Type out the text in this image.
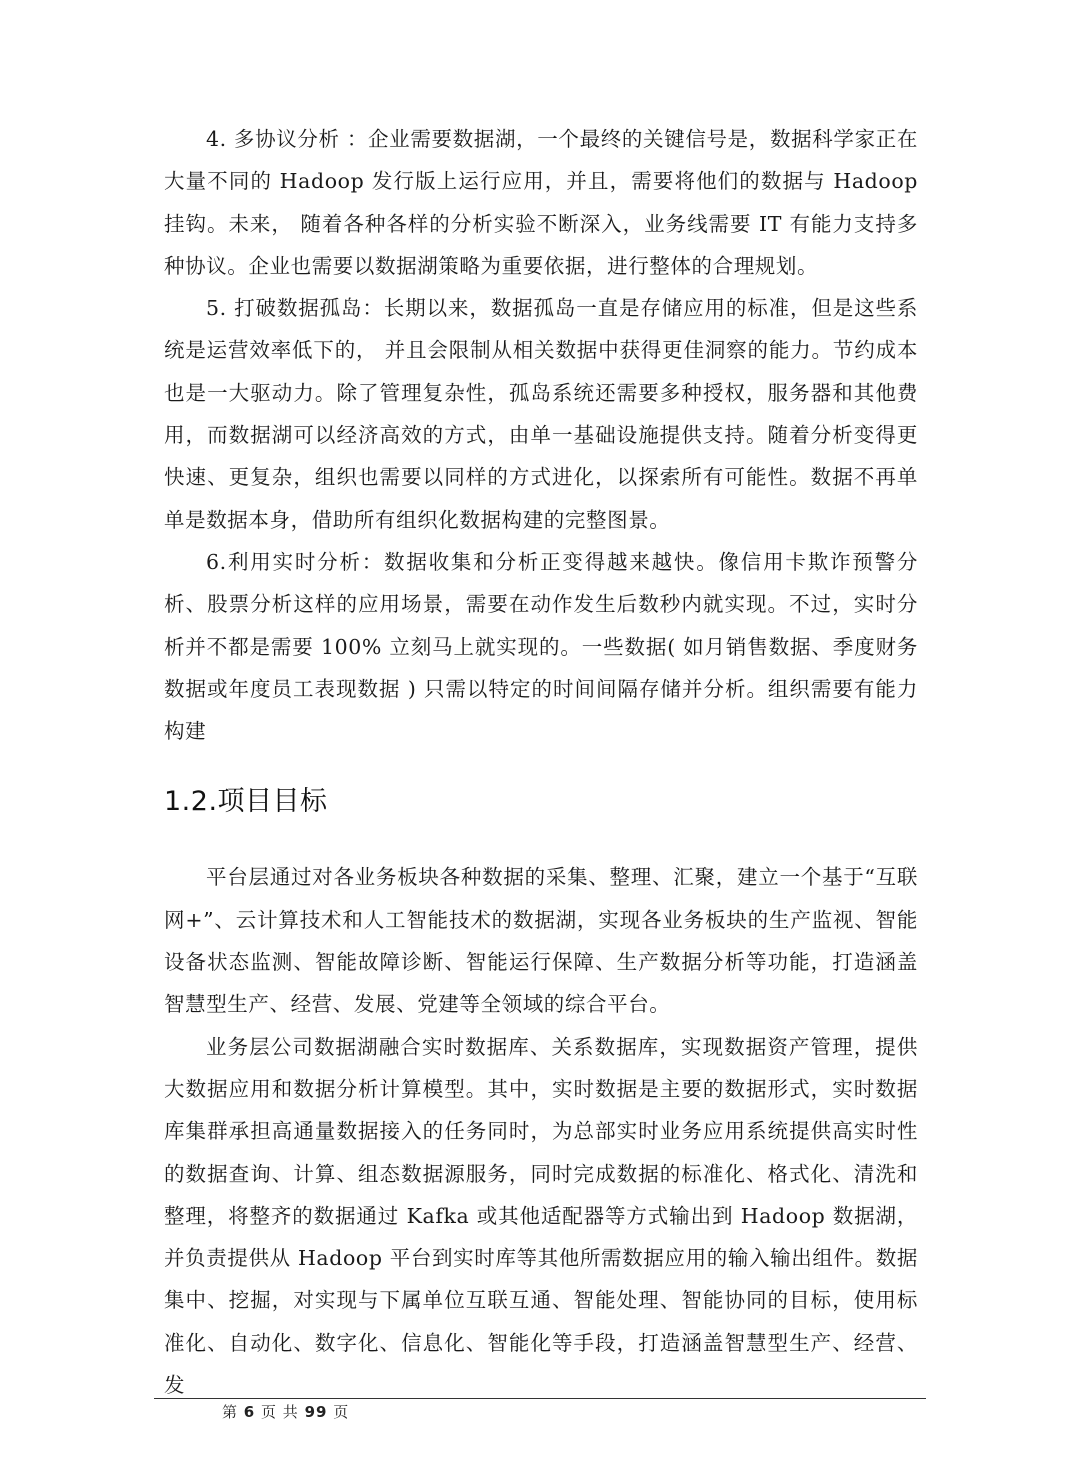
4. 多协议分析 ：企业需要数据湖，一个最终的关键信号是，数据科学家正在大量不同的 Hadoop 发行版上运行应用，并且，需要将他们的数据与 Hadoop 挂钩。未来， 随着各种各样的分析实验不断深入，业务线需要 IT 有能力支持多种协议。企业也需要以数据湖策略为重要依据，进行整体的合理规划。

5. 打破数据孤岛：长期以来，数据孤岛一直是存储应用的标准，但是这些系统是运营效率低下的， 并且会限制从相关数据中获得更佳洞察的能力。节约成本也是一大驱动力。除了管理复杂性，孤岛系统还需要多种授权，服务器和其他费用，而数据湖可以经济高效的方式，由单一基础设施提供支持。随着分析变得更快速、更复杂，组织也需要以同样的方式进化，以探索所有可能性。数据不再单单是数据本身，借助所有组织化数据构建的完整图景。

6.利用实时分析：数据收集和分析正变得越来越快。像信用卡欺诈预警分析、股票分析这样的应用场景，需要在动作发生后数秒内就实现。不过，实时分析并不都是需要 100% 立刻马上就实现的。一些数据( 如月销售数据、季度财务数据或年度员工表现数据 ) 只需以特定的时间间隔存储并分析。组织需要有能力构建

1.2.项目目标

平台层通过对各业务板块各种数据的采集、整理、汇聚，建立一个基于“互联网+”、云计算技术和人工智能技术的数据湖，实现各业务板块的生产监视、智能设备状态监测、智能故障诊断、智能运行保障、生产数据分析等功能，打造涵盖智慧型生产、经营、发展、党建等全领域的综合平台。

业务层公司数据湖融合实时数据库、关系数据库，实现数据资产管理，提供大数据应用和数据分析计算模型。其中，实时数据是主要的数据形式，实时数据库集群承担高通量数据接入的任务同时，为总部实时业务应用系统提供高实时性的数据查询、计算、组态数据源服务，同时完成数据的标准化、格式化、清洗和整理，将整齐的数据通过 Kafka 或其他适配器等方式输出到 Hadoop 数据湖，并负责提供从 Hadoop 平台到实时库等其他所需数据应用的输入输出组件。数据集中、挖掘，对实现与下属单位互联互通、智能处理、智能协同的目标，使用标准化、自动化、数字化、信息化、智能化等手段，打造涵盖智慧型生产、经营、发

第 6 页 共 99 页
